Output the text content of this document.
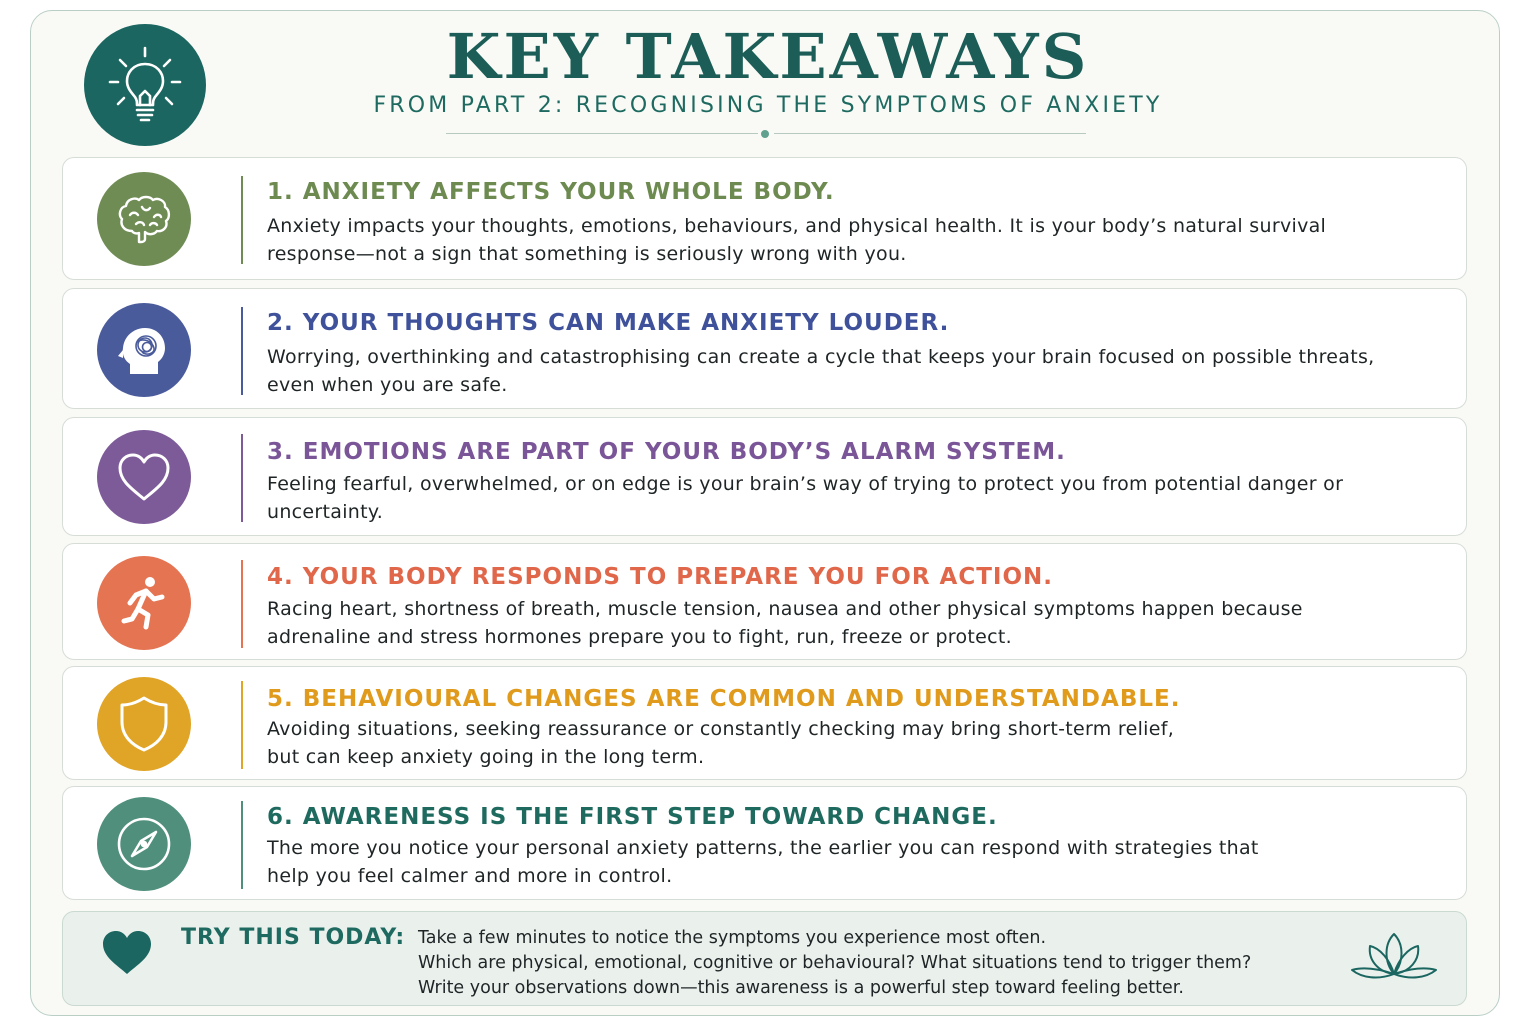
KEY TAKEAWAYS
FROM PART 2: RECOGNISING THE SYMPTOMS OF ANXIETY
1. ANXIETY AFFECTS YOUR WHOLE BODY.
Anxiety impacts your thoughts, emotions, behaviours, and physical health. It is your body’s natural survival response—not a sign that something is seriously wrong with you.
2. YOUR THOUGHTS CAN MAKE ANXIETY LOUDER.
Worrying, overthinking and catastrophising can create a cycle that keeps your brain focused on possible threats, even when you are safe.
3. EMOTIONS ARE PART OF YOUR BODY’S ALARM SYSTEM.
Feeling fearful, overwhelmed, or on edge is your brain’s way of trying to protect you from potential danger or uncertainty.
4. YOUR BODY RESPONDS TO PREPARE YOU FOR ACTION.
Racing heart, shortness of breath, muscle tension, nausea and other physical symptoms happen because adrenaline and stress hormones prepare you to fight, run, freeze or protect.
5. BEHAVIOURAL CHANGES ARE COMMON AND UNDERSTANDABLE.
Avoiding situations, seeking reassurance or constantly checking may bring short-term relief, but can keep anxiety going in the long term.
6. AWARENESS IS THE FIRST STEP TOWARD CHANGE.
The more you notice your personal anxiety patterns, the earlier you can respond with strategies that help you feel calmer and more in control.
TRY THIS TODAY: Take a few minutes to notice the symptoms you experience most often.
Which are physical, emotional, cognitive or behavioural? What situations tend to trigger them?
Write your observations down—this awareness is a powerful step toward feeling better.
